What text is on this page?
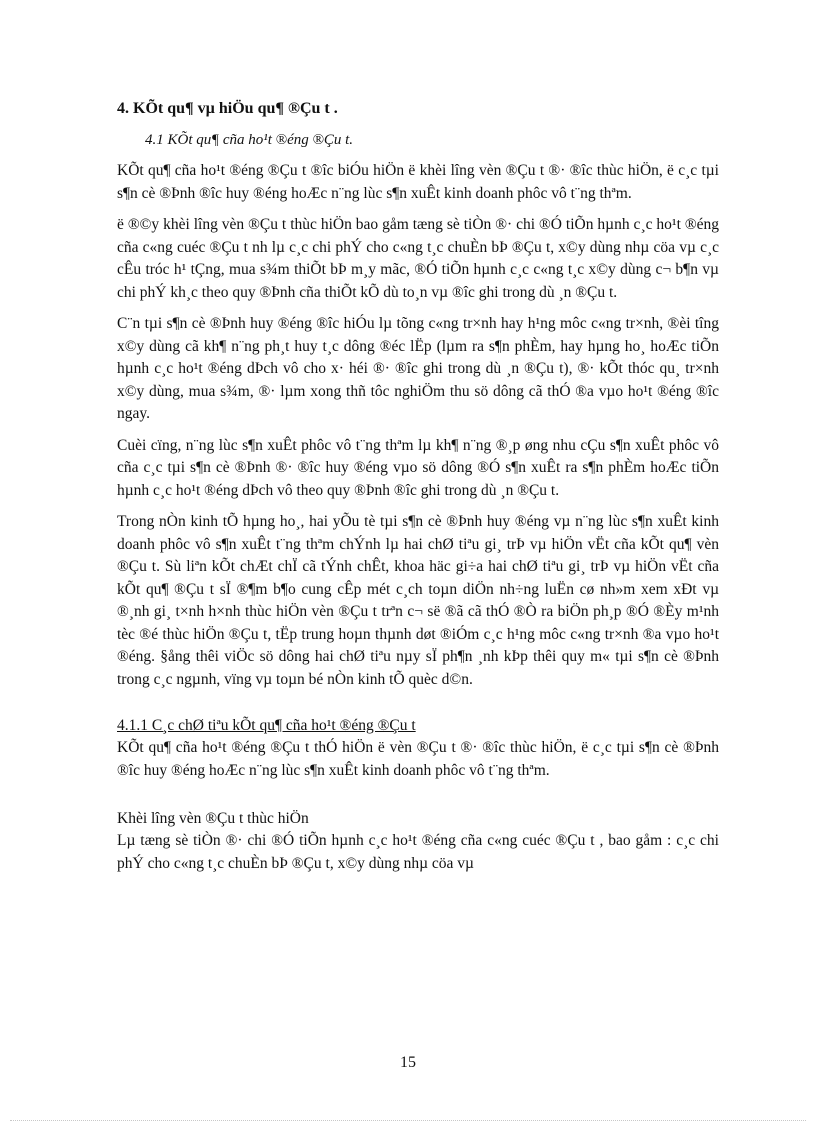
4. KÕt qu¶ vµ hiÖu qu¶ ®Çu t .
4.1 KÕt qu¶ cña ho¹t ®éng ®Çu t.

KÕt qu¶ cña ho¹t ®éng ®Çu t ®îc biÓu hiÖn ë khèi lîng vèn ®Çu t ®· ®îc thùc hiÖn, ë c¸c tµi s¶n cè ®Þnh ®îc huy ®éng hoÆc n¨ng lùc s¶n xuÊt kinh doanh phôc vô t¨ng thªm.

ë ®©y khèi lîng vèn ®Çu t thùc hiÖn bao gåm tæng sè tiÒn ®· chi ®Ó tiÕn hµnh c¸c ho¹t ®éng cña c«ng cuéc ®Çu t nh lµ c¸c chi phÝ cho c«ng t¸c chuÈn bÞ ®Çu t, x©y dùng nhµ cöa vµ c¸c cÊu tróc h¹ tÇng, mua s¾m thiÕt bÞ m¸y mãc, ®Ó tiÕn hµnh c¸c c«ng t¸c x©y dùng c¬ b¶n vµ chi phÝ kh¸c theo quy ®Þnh cña thiÕt kÕ dù to¸n vµ ®îc ghi trong dù ¸n ®Çu t.

C¨n tµi s¶n cè ®Þnh huy ®éng ®îc hiÓu lµ tõng c«ng tr×nh hay h¹ng môc c«ng tr×nh, ®èi tîng x©y dùng cã kh¶ n¨ng ph¸t huy t¸c dông ®éc lËp (lµm ra s¶n phÈm, hay hµng ho¸ hoÆc tiÕn hµnh c¸c ho¹t ®éng dÞch vô cho x· héi ®· ®îc ghi trong dù ¸n ®Çu t), ®· kÕt thóc qu¸ tr×nh x©y dùng, mua s¾m, ®· lµm xong thñ tôc nghiÖm thu sö dông cã thÓ ®a vµo ho¹t ®éng ®îc ngay.

Cuèi cïng, n¨ng lùc s¶n xuÊt phôc vô t¨ng thªm lµ kh¶ n¨ng ®¸p øng nhu cÇu s¶n xuÊt phôc vô cña c¸c tµi s¶n cè ®Þnh ®· ®îc huy ®éng vµo sö dông ®Ó s¶n xuÊt ra s¶n phÈm hoÆc tiÕn hµnh c¸c ho¹t ®éng dÞch vô theo quy ®Þnh ®îc ghi trong dù ¸n ®Çu t.

Trong nÒn kinh tÕ hµng ho¸, hai yÕu tè tµi s¶n cè ®Þnh huy ®éng vµ n¨ng lùc s¶n xuÊt kinh doanh phôc vô s¶n xuÊt t¨ng thªm chÝnh lµ hai chØ tiªu gi¸ trÞ vµ hiÖn vËt cña kÕt qu¶ vèn ®Çu t. Sù liªn kÕt chÆt chÏ cã tÝnh chÊt, khoa häc gi÷a hai chØ tiªu gi¸ trÞ vµ hiÖn vËt cña kÕt qu¶ ®Çu t sÏ ®¶m b¶o cung cÊp mét c¸ch toµn diÖn nh÷ng luËn cø nh»m xem xÐt vµ ®¸nh gi¸ t×nh h×nh thùc hiÖn vèn ®Çu t trªn c¬ së ®ã cã thÓ ®Ò ra biÖn ph¸p ®Ó ®Èy m¹nh tèc ®é thùc hiÖn ®Çu t, tËp trung hoµn thµnh døt ®iÓm c¸c h¹ng môc c«ng tr×nh ®a vµo ho¹t ®éng. §ång thêi viÖc sö dông hai chØ tiªu nµy sÏ ph¶n ¸nh kÞp thêi quy m« tµi s¶n cè ®Þnh trong c¸c ngµnh, vïng vµ toµn bé nÒn kinh tÕ quèc d©n.

4.1.1 C¸c chØ tiªu kÕt qu¶ cña ho¹t ®éng ®Çu t

KÕt qu¶ cña ho¹t ®éng ®Çu t thÓ hiÖn ë vèn ®Çu t ®· ®îc thùc hiÖn, ë c¸c tµi s¶n cè ®Þnh ®îc huy ®éng hoÆc n¨ng lùc s¶n xuÊt kinh doanh phôc vô t¨ng thªm.

Khèi lîng vèn ®Çu t thùc hiÖn

Lµ tæng sè tiÒn ®· chi ®Ó tiÕn hµnh c¸c ho¹t ®éng cña c«ng cuéc ®Çu t , bao gåm : c¸c chi phÝ cho c«ng t¸c chuÈn bÞ ®Çu t, x©y dùng nhµ cöa vµ

15
